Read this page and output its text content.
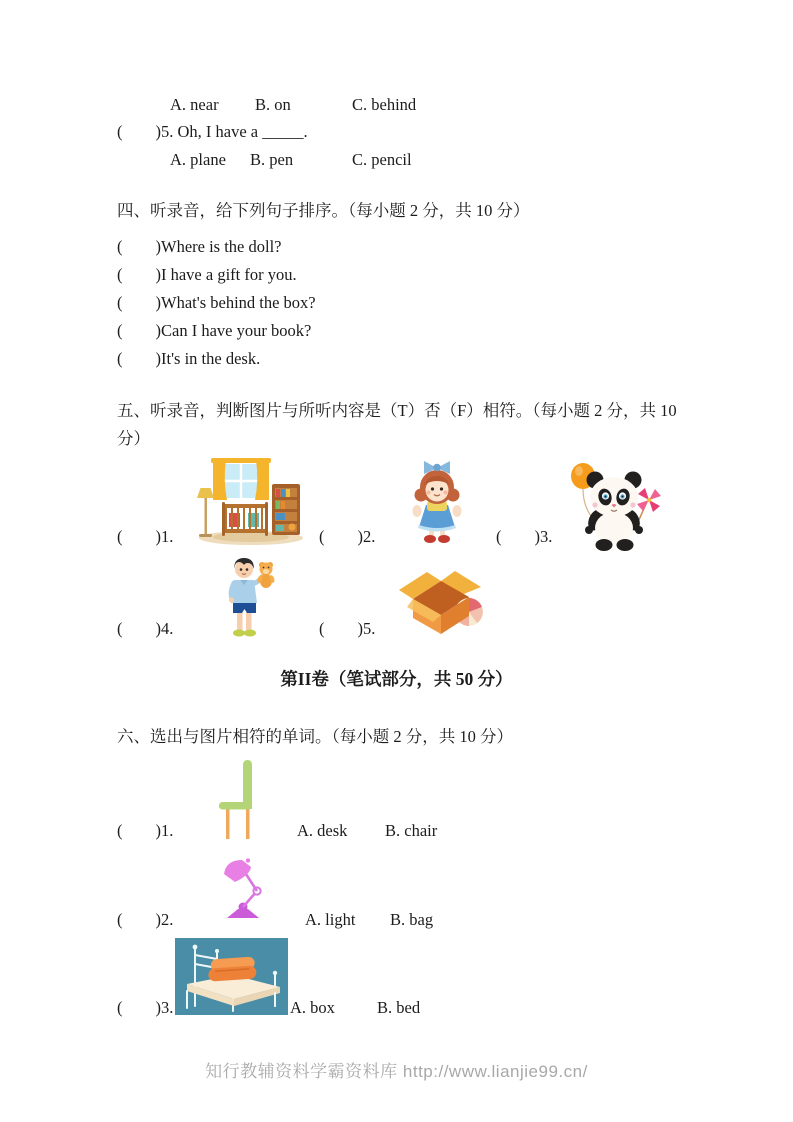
A. near B. on	C. behind
(        )5. Oh, I have a _____.
A. plane B. pen	C. pencil
四、听录音，给下列句子排序。（每小题 2 分，共 10 分）
(        )Where is the doll?
(        )I have a gift for you.
(        )What's behind the box?
(        )Can I have your book?
(        )It's in the desk.
五、听录音，判断图片与所听内容是（T）否（F）相符。（每小题 2 分，共 10
分）
(        )1.	(        )2.	(        )3.
(        )4.	(        )5.
第II卷（笔试部分，共 50 分）
六、选出与图片相符的单词。（每小题 2 分，共 10 分）
(        )1.	A. desk B. chair
(        )2.	A. light B. bag
(        )3.	A. box	B. bed
知行教辅资料学霸资料库 http://www.lianjie99.cn/
